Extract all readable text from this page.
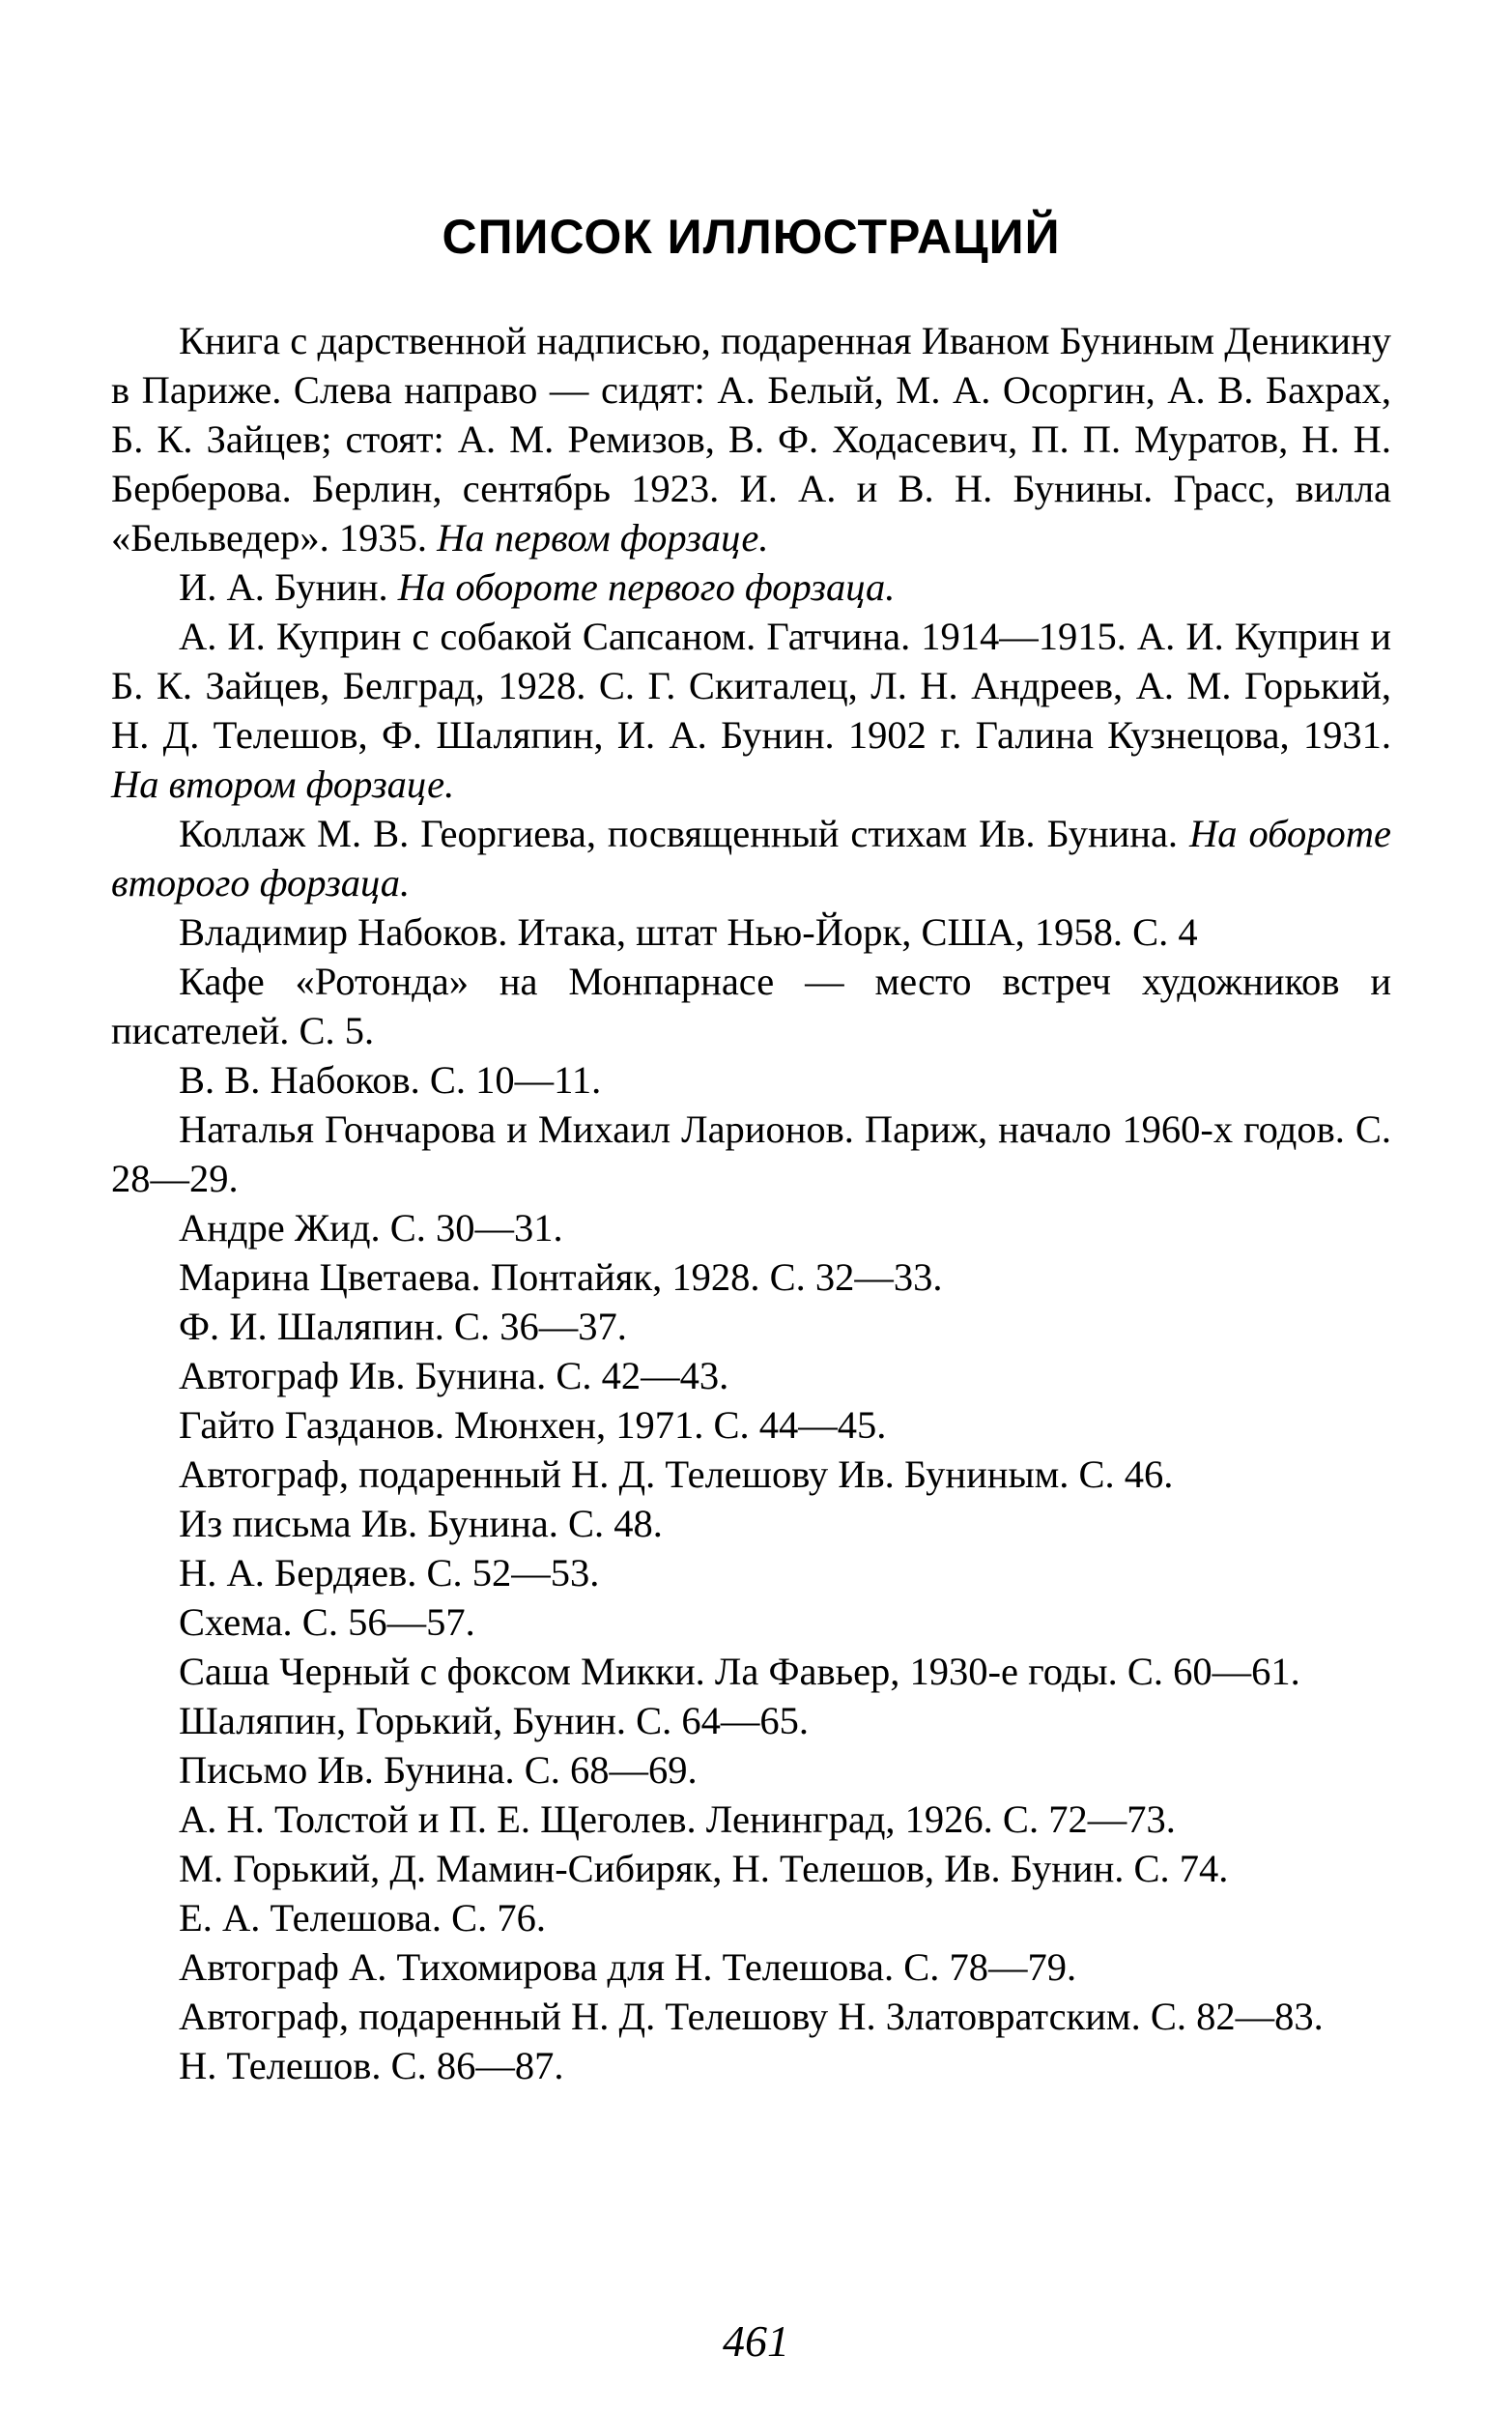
СПИСОК ИЛЛЮСТРАЦИЙ

Книга с дарственной надписью, подаренная Иваном Буниным Деникину в Париже. Слева направо — сидят: А. Белый, М. А. Осоргин, А. В. Бахрах, Б. К. Зайцев; стоят: А. М. Ремизов, В. Ф. Ходасевич, П. П. Муратов, Н. Н. Берберова. Берлин, сентябрь 1923. И. А. и В. Н. Бунины. Грасс, вилла «Бельведер». 1935. На первом форзаце.

И. А. Бунин. На обороте первого форзаца.

А. И. Куприн с собакой Сапсаном. Гатчина. 1914—1915. А. И. Куприн и Б. К. Зайцев, Белград, 1928. С. Г. Скиталец, Л. Н. Андреев, А. М. Горький, Н. Д. Телешов, Ф. Шаляпин, И. А. Бунин. 1902 г. Галина Кузнецова, 1931. На втором форзаце.

Коллаж М. В. Георгиева, посвященный стихам Ив. Бунина. На обороте второго форзаца.

Владимир Набоков. Итака, штат Нью-Йорк, США, 1958. С. 4

Кафе «Ротонда» на Монпарнасе — место встреч художников и писателей. С. 5.

В. В. Набоков. С. 10—11.

Наталья Гончарова и Михаил Ларионов. Париж, начало 1960-х годов. С. 28—29.

Андре Жид. С. 30—31.

Марина Цветаева. Понтайяк, 1928. С. 32—33.

Ф. И. Шаляпин. С. 36—37.

Автограф Ив. Бунина. С. 42—43.

Гайто Газданов. Мюнхен, 1971. С. 44—45.

Автограф, подаренный Н. Д. Телешову Ив. Буниным. С. 46.

Из письма Ив. Бунина. С. 48.

Н. А. Бердяев. С. 52—53.

Схема. С. 56—57.

Саша Черный с фоксом Микки. Ла Фавьер, 1930-е годы. С. 60—61.

Шаляпин, Горький, Бунин. С. 64—65.

Письмо Ив. Бунина. С. 68—69.

А. Н. Толстой и П. Е. Щеголев. Ленинград, 1926. С. 72—73.

М. Горький, Д. Мамин-Сибиряк, Н. Телешов, Ив. Бунин. С. 74.

Е. А. Телешова. С. 76.

Автограф А. Тихомирова для Н. Телешова. С. 78—79.

Автограф, подаренный Н. Д. Телешову Н. Златовратским. С. 82—83.

Н. Телешов. С. 86—87.

461
